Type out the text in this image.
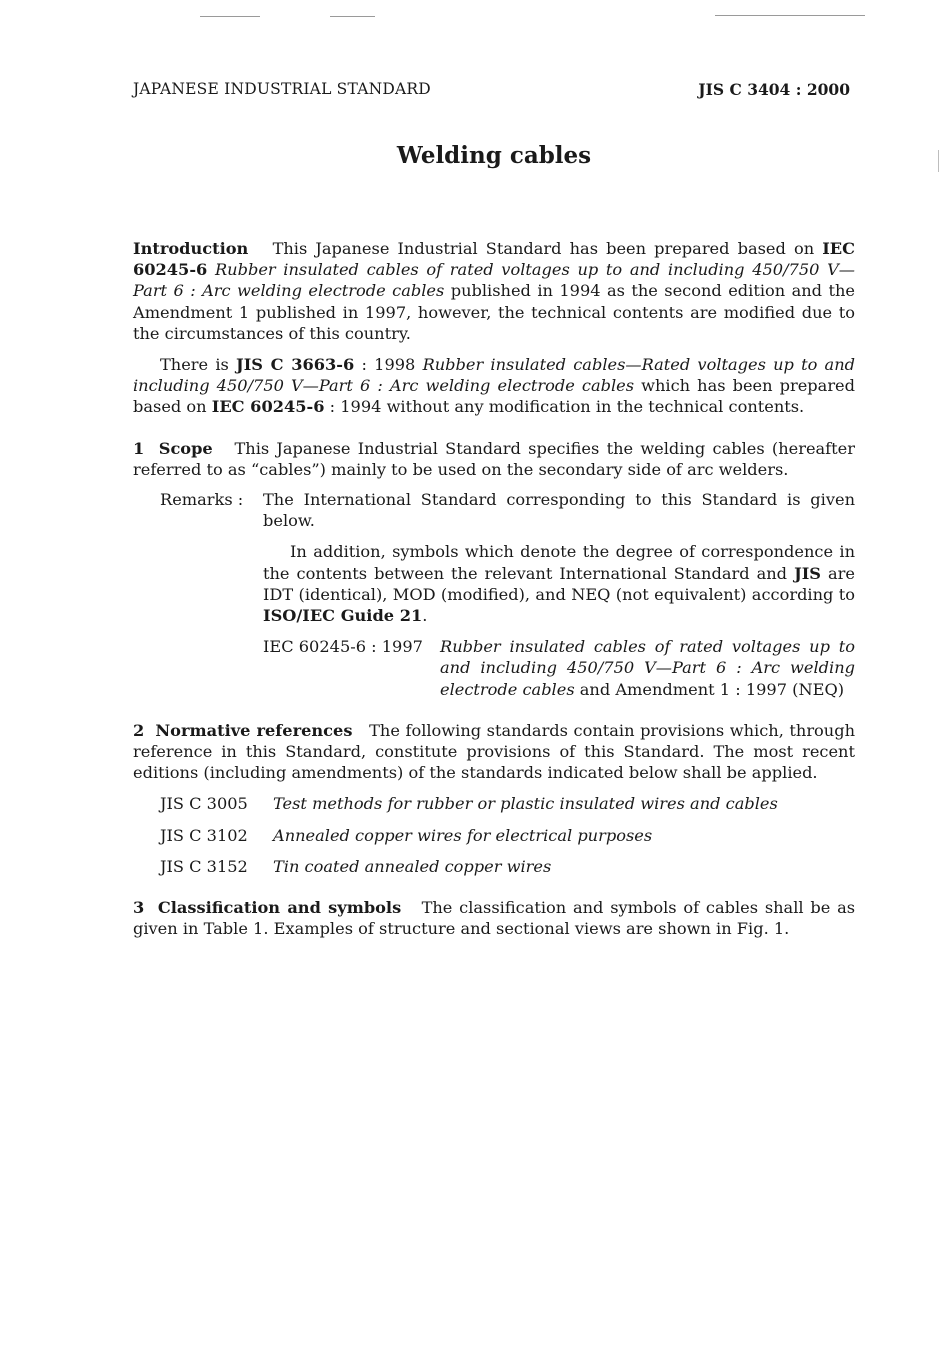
JAPANESE INDUSTRIAL STANDARD	JIS C 3404 : 2000
Welding cables

Introduction This Japanese Industrial Standard has been prepared based on IEC 60245-6 Rubber insulated cables of rated voltages up to and including 450/750 V—Part 6 : Arc welding electrode cables published in 1994 as the second edition and the Amendment 1 published in 1997, however, the technical contents are modified due to the circumstances of this country.

There is JIS C 3663-6 : 1998 Rubber insulated cables—Rated voltages up to and including 450/750 V—Part 6 : Arc welding electrode cables which has been prepared based on IEC 60245-6 : 1994 without any modification in the technical contents.

1 Scope This Japanese Industrial Standard specifies the welding cables (hereafter referred to as “cables”) mainly to be used on the secondary side of arc welders.

Remarks :	The International Standard corresponding to this Standard is given below.

In addition, symbols which denote the degree of correspondence in the contents between the relevant International Standard and JIS are IDT (identical), MOD (modified), and NEQ (not equivalent) according to ISO/IEC Guide 21.

IEC 60245-6 : 1997	Rubber insulated cables of rated voltages up to and including 450/750 V—Part 6 : Arc welding electrode cables and Amendment 1 : 1997 (NEQ)

2 Normative references The following standards contain provisions which, through reference in this Standard, constitute provisions of this Standard. The most recent editions (including amendments) of the standards indicated below shall be applied.

JIS C 3005	Test methods for rubber or plastic insulated wires and cables
JIS C 3102	Annealed copper wires for electrical purposes
JIS C 3152	Tin coated annealed copper wires

3 Classification and symbols The classification and symbols of cables shall be as given in Table 1. Examples of structure and sectional views are shown in Fig. 1.
